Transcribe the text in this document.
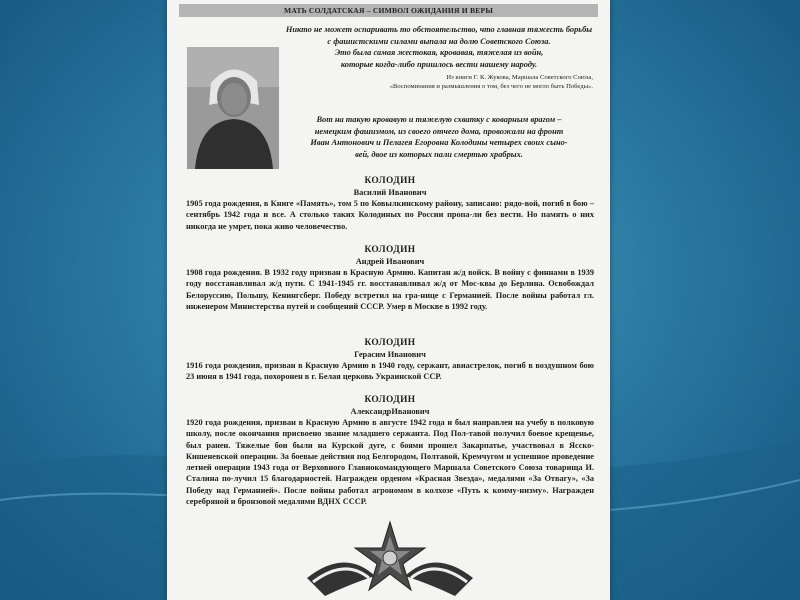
МАТЬ СОЛДАТСКАЯ – СИМВОЛ ОЖИДАНИЯ И ВЕРЫ
Никто не может оспаривать то обстоятельство, что главная тяжесть борьбы
с фашистскими силами выпала на долю Советского Союза.
Это была самая жестокая, кровавая, тяжелая из войн,
которые когда-либо пришлось вести нашему народу.
Из книги Г. К. Жукова, Маршала Советского Союза,
«Воспоминания и размышления о том, без чего не могло быть Победы».
Вот на такую кровавую и тяжелую схватку с коварным врагом –
немецким фашизмом, из своего отчего дома, провожали на фронт
Иван Антонович и Пелагея Егоровна Колодины четырех своих сыно-
вей, двое из которых пали смертью храбрых.
КОЛОДИН
Василий Иванович

1905 года рождения, в Книге «Память», том 5 по Ковылкинскому району, записано: рядо-вой, погиб в бою – сентябрь 1942 года и все. А столько таких Колодиных по России пропа-ли без вести. Но память о них никогда не умрет, пока живо человечество.

КОЛОДИН
Андрей Иванович

1908 года рождения. В 1932 году призван в Красную Армию. Капитан ж/д войск. В войну с финнами в 1939 году восстанавливал ж/д пути. С 1941-1945 гг. восстанавливал ж/д от Мос-квы до Берлина. Освобождал Белоруссию, Польшу, Кенингсберг. Победу встретил на гра-нице с Германией. После войны работал гл. инженером Министерства путей и сообщений СССР. Умер в Москве в 1992 году.

КОЛОДИН
Герасим Иванович

1916 года рождения, призван в Красную Армию в 1940 году, сержант, авиастрелок, погиб в воздушном бою 23 июня в 1941 года, похоронен в г. Белая церковь Украинской ССР.

КОЛОДИН
АлександрИванович

1920 года рождения, призван в Красную Армию в августе 1942 года и был направлен на учебу в полковую школу, после окончания присвоено звание младшего сержанта. Под Пол-тавой получил боевое крещенье, был ранен. Тяжелые бои были на Курской дуге, с боями прошел Закарпатье, участвовал в Ясско-Кишеневской операции. За боевые действия под Белгородом, Полтавой, Кремчугом и успешное проведение летней операции 1943 года от Верховного Главнокомандующего Маршала Советского Союза товарища И. Сталина по-лучил 15 благодарностей. Награжден орденом «Красная Звезда», медалями «За Отвагу», «За Победу над Германией». После войны работал агрономом в колхозе «Путь к комму-низму». Награжден серебряной и бронзовой медалями ВДНХ СССР.
